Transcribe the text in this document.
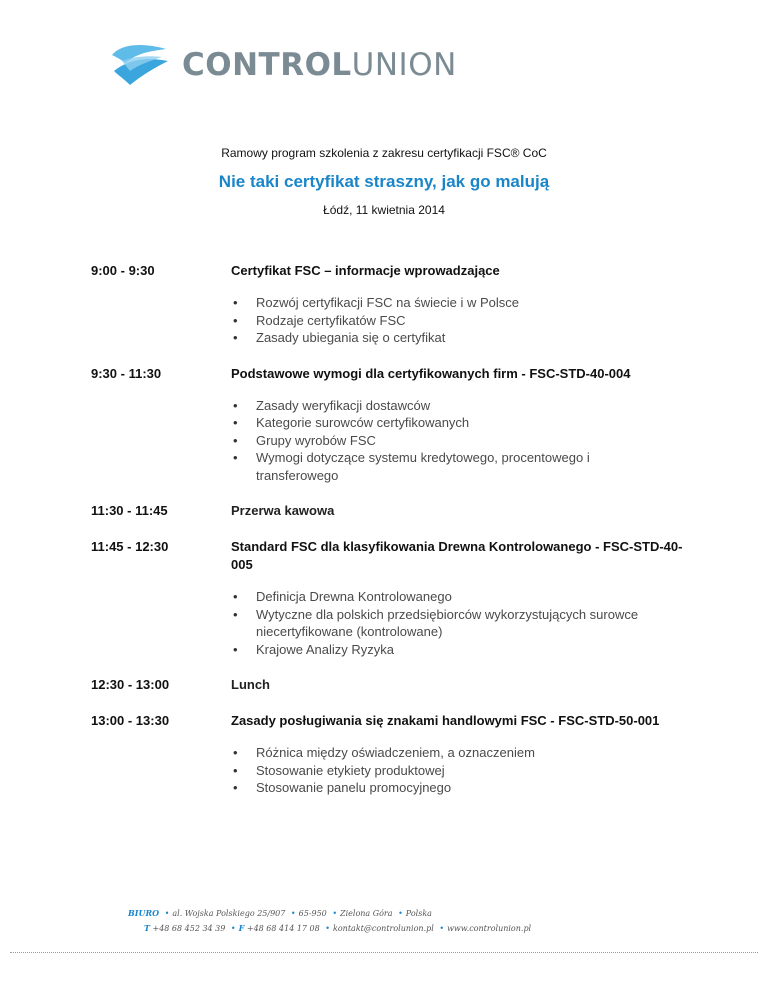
CONTROLUNION
Ramowy program szkolenia z zakresu certyfikacji FSC® CoC
Nie taki certyfikat straszny, jak go malują
Łódź, 11 kwietnia 2014
9:00 - 9:30	Certyfikat FSC – informacje wprowadzające
• Rozwój certyfikacji FSC na świecie i w Polsce
• Rodzaje certyfikatów FSC
• Zasady ubiegania się o certyfikat
9:30 - 11:30	Podstawowe wymogi dla certyfikowanych firm - FSC-STD-40-004
• Zasady weryfikacji dostawców
• Kategorie surowców certyfikowanych
• Grupy wyrobów FSC
• Wymogi dotyczące systemu kredytowego, procentowego i transferowego
11:30 - 11:45	Przerwa kawowa
11:45 - 12:30	Standard FSC dla klasyfikowania Drewna Kontrolowanego - FSC-STD-40-005
• Definicja Drewna Kontrolowanego
• Wytyczne dla polskich przedsiębiorców wykorzystujących surowce niecertyfikowane (kontrolowane)
• Krajowe Analizy Ryzyka
12:30 - 13:00	Lunch
13:00 - 13:30	Zasady posługiwania się znakami handlowymi FSC - FSC-STD-50-001
• Różnica między oświadczeniem, a oznaczeniem
• Stosowanie etykiety produktowej
• Stosowanie panelu promocyjnego
BIURO • al. Wojska Polskiego 25/907 • 65-950 • Zielona Góra • Polska
T +48 68 452 34 39 • F +48 68 414 17 08 • kontakt@controlunion.pl • www.controlunion.pl
